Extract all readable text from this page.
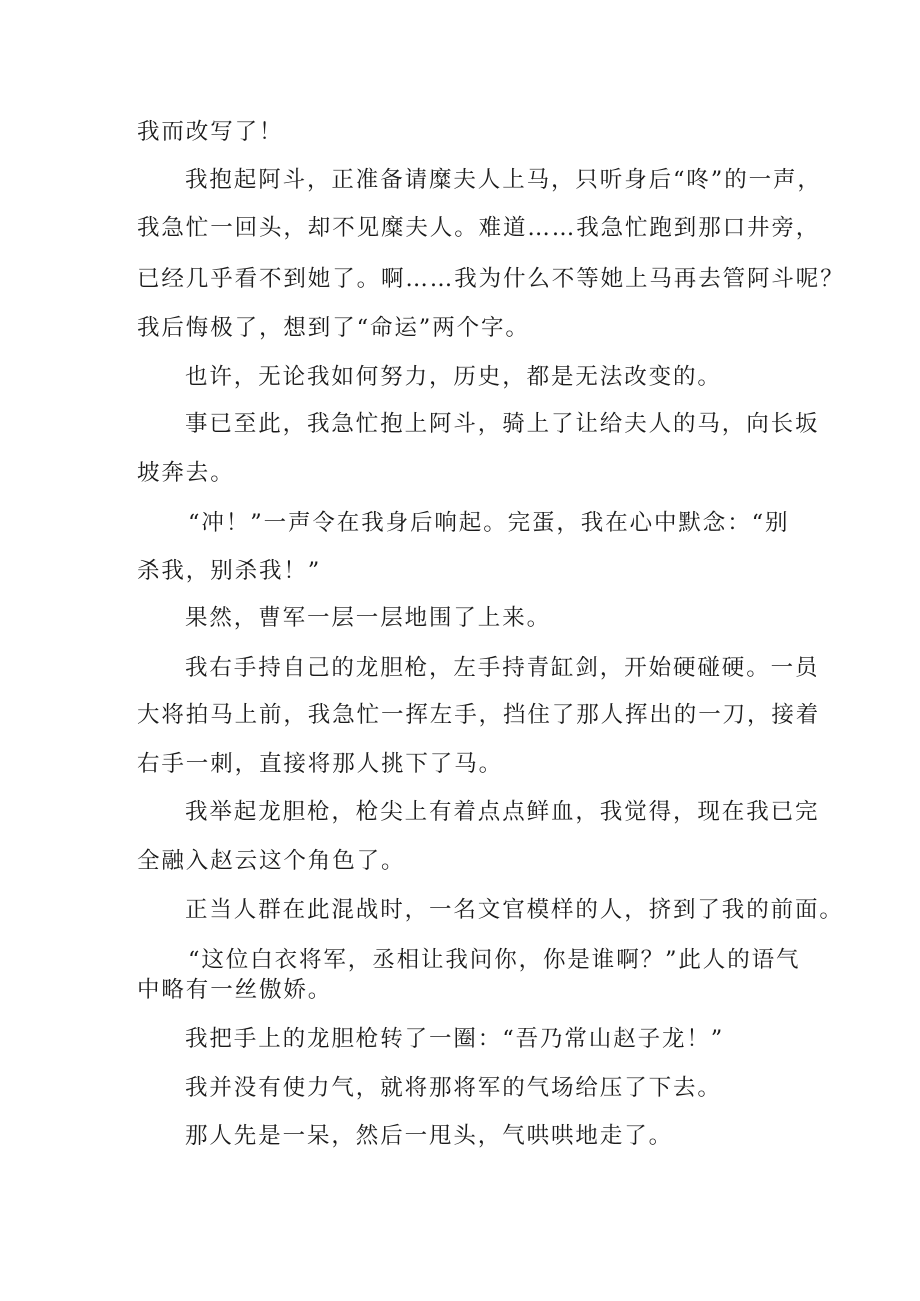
我而改写了！
我抱起阿斗，正准备请糜夫人上马，只听身后“咚”的一声，
我急忙一回头，却不见糜夫人。难道……我急忙跑到那口井旁，
已经几乎看不到她了。啊……我为什么不等她上马再去管阿斗呢？
我后悔极了，想到了“命运”两个字。
也许，无论我如何努力，历史，都是无法改变的。
事已至此，我急忙抱上阿斗，骑上了让给夫人的马，向长坂
坡奔去。
“冲！”一声令在我身后响起。完蛋，我在心中默念：“别
杀我，别杀我！”
果然，曹军一层一层地围了上来。
我右手持自己的龙胆枪，左手持青缸剑，开始硬碰硬。一员
大将拍马上前，我急忙一挥左手，挡住了那人挥出的一刀，接着
右手一刺，直接将那人挑下了马。
我举起龙胆枪，枪尖上有着点点鲜血，我觉得，现在我已完
全融入赵云这个角色了。
正当人群在此混战时，一名文官模样的人，挤到了我的前面。
“这位白衣将军，丞相让我问你，你是谁啊？”此人的语气
中略有一丝傲娇。
我把手上的龙胆枪转了一圈：“吾乃常山赵子龙！”
我并没有使力气，就将那将军的气场给压了下去。
那人先是一呆，然后一甩头，气哄哄地走了。
